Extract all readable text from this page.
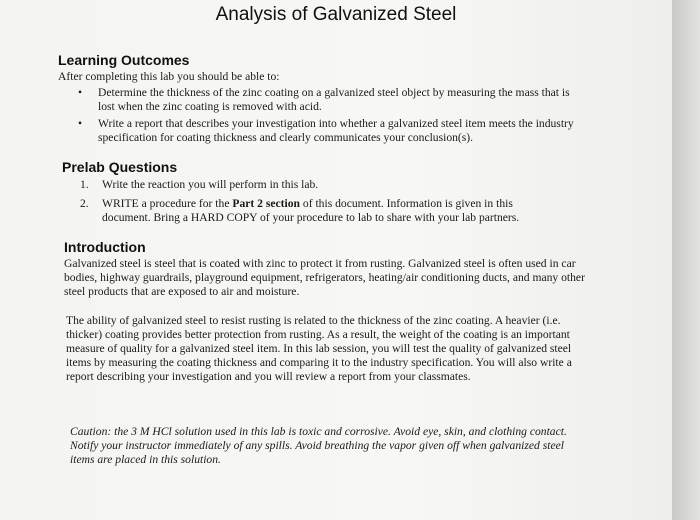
Analysis of Galvanized Steel
Learning Outcomes

After completing this lab you should be able to:

• Determine the thickness of the zinc coating on a galvanized steel object by measuring the mass that is lost when the zinc coating is removed with acid.
• Write a report that describes your investigation into whether a galvanized steel item meets the industry specification for coating thickness and clearly communicates your conclusion(s).
Prelab Questions
1. Write the reaction you will perform in this lab.
2. WRITE a procedure for the Part 2 section of this document. Information is given in this document. Bring a HARD COPY of your procedure to lab to share with your lab partners.
Introduction

Galvanized steel is steel that is coated with zinc to protect it from rusting. Galvanized steel is often used in car bodies, highway guardrails, playground equipment, refrigerators, heating/air conditioning ducts, and many other steel products that are exposed to air and moisture.

The ability of galvanized steel to resist rusting is related to the thickness of the zinc coating. A heavier (i.e. thicker) coating provides better protection from rusting. As a result, the weight of the coating is an important measure of quality for a galvanized steel item. In this lab session, you will test the quality of galvanized steel items by measuring the coating thickness and comparing it to the industry specification. You will also write a report describing your investigation and you will review a report from your classmates.

Caution: the 3 M HCl solution used in this lab is toxic and corrosive. Avoid eye, skin, and clothing contact. Notify your instructor immediately of any spills. Avoid breathing the vapor given off when galvanized steel items are placed in this solution.
